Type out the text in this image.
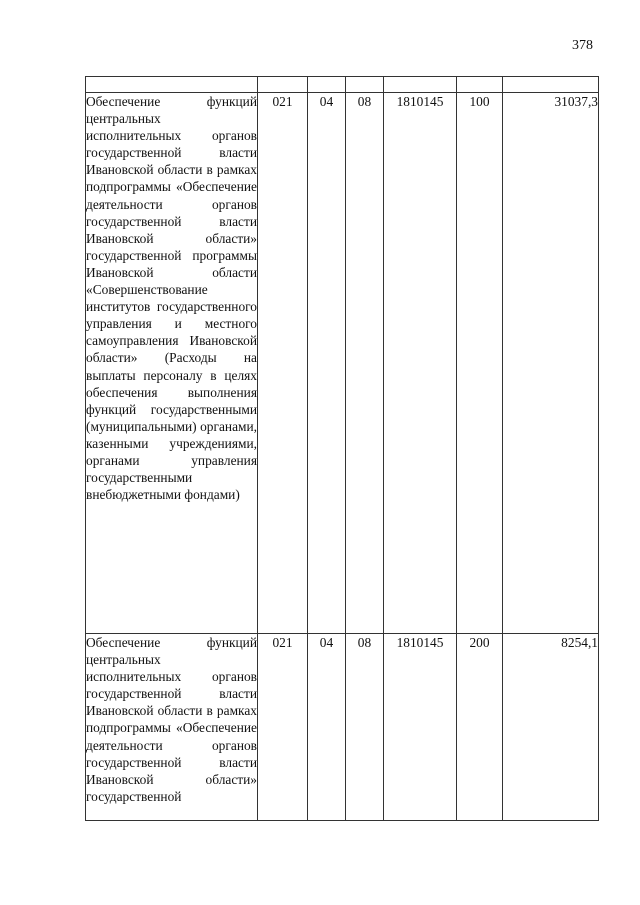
378

Обеспечение функций центральных исполнительных органов государственной власти Ивановской области в рамках подпрограммы «Обеспечение деятельности органов государственной власти Ивановской области» государственной программы Ивановской области «Совершенствование институтов государственного управления и местного самоуправления Ивановской области» (Расходы на выплаты персоналу в целях обеспечения выполнения функций государственными (муниципальными) органами, казенными учреждениями, органами управления государственными внебюджетными фондами)	021	04	08	1810145	100	31037,3
Обеспечение функций центральных исполнительных органов государственной власти Ивановской области в рамках подпрограммы «Обеспечение деятельности органов государственной власти Ивановской области» государственной	021	04	08	1810145	200	8254,1
